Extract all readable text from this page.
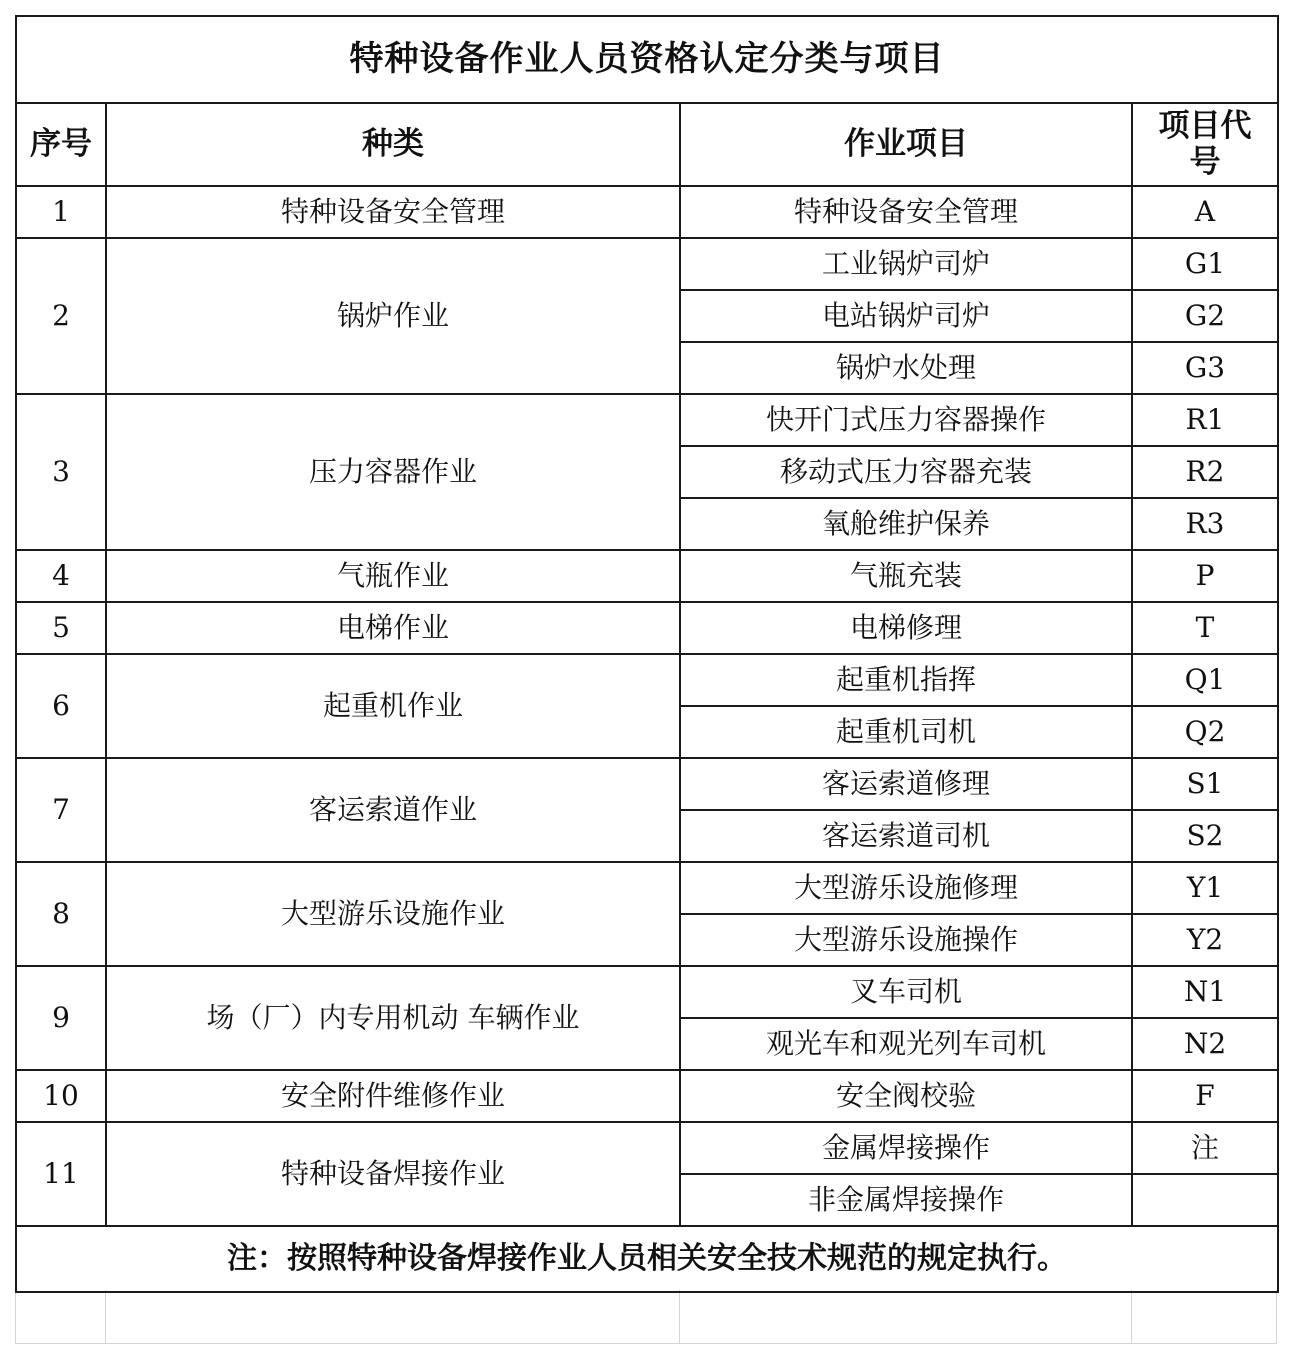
特种设备作业人员资格认定分类与项目			
序号	种类	作业项目	项目代号
1	特种设备安全管理	特种设备安全管理	A
2	锅炉作业	工业锅炉司炉	G1
		电站锅炉司炉	G2
		锅炉水处理	G3
3	压力容器作业	快开门式压力容器操作	R1
		移动式压力容器充装	R2
		氧舱维护保养	R3
4	气瓶作业	气瓶充装	P
5	电梯作业	电梯修理	T
6	起重机作业	起重机指挥	Q1
		起重机司机	Q2
7	客运索道作业	客运索道修理	S1
		客运索道司机	S2
8	大型游乐设施作业	大型游乐设施修理	Y1
		大型游乐设施操作	Y2
9	场（厂）内专用机动 车辆作业	叉车司机	N1
		观光车和观光列车司机	N2
10	安全附件维修作业	安全阀校验	F
11	特种设备焊接作业	金属焊接操作	注
		非金属焊接操作	
注：按照特种设备焊接作业人员相关安全技术规范的规定执行。			
